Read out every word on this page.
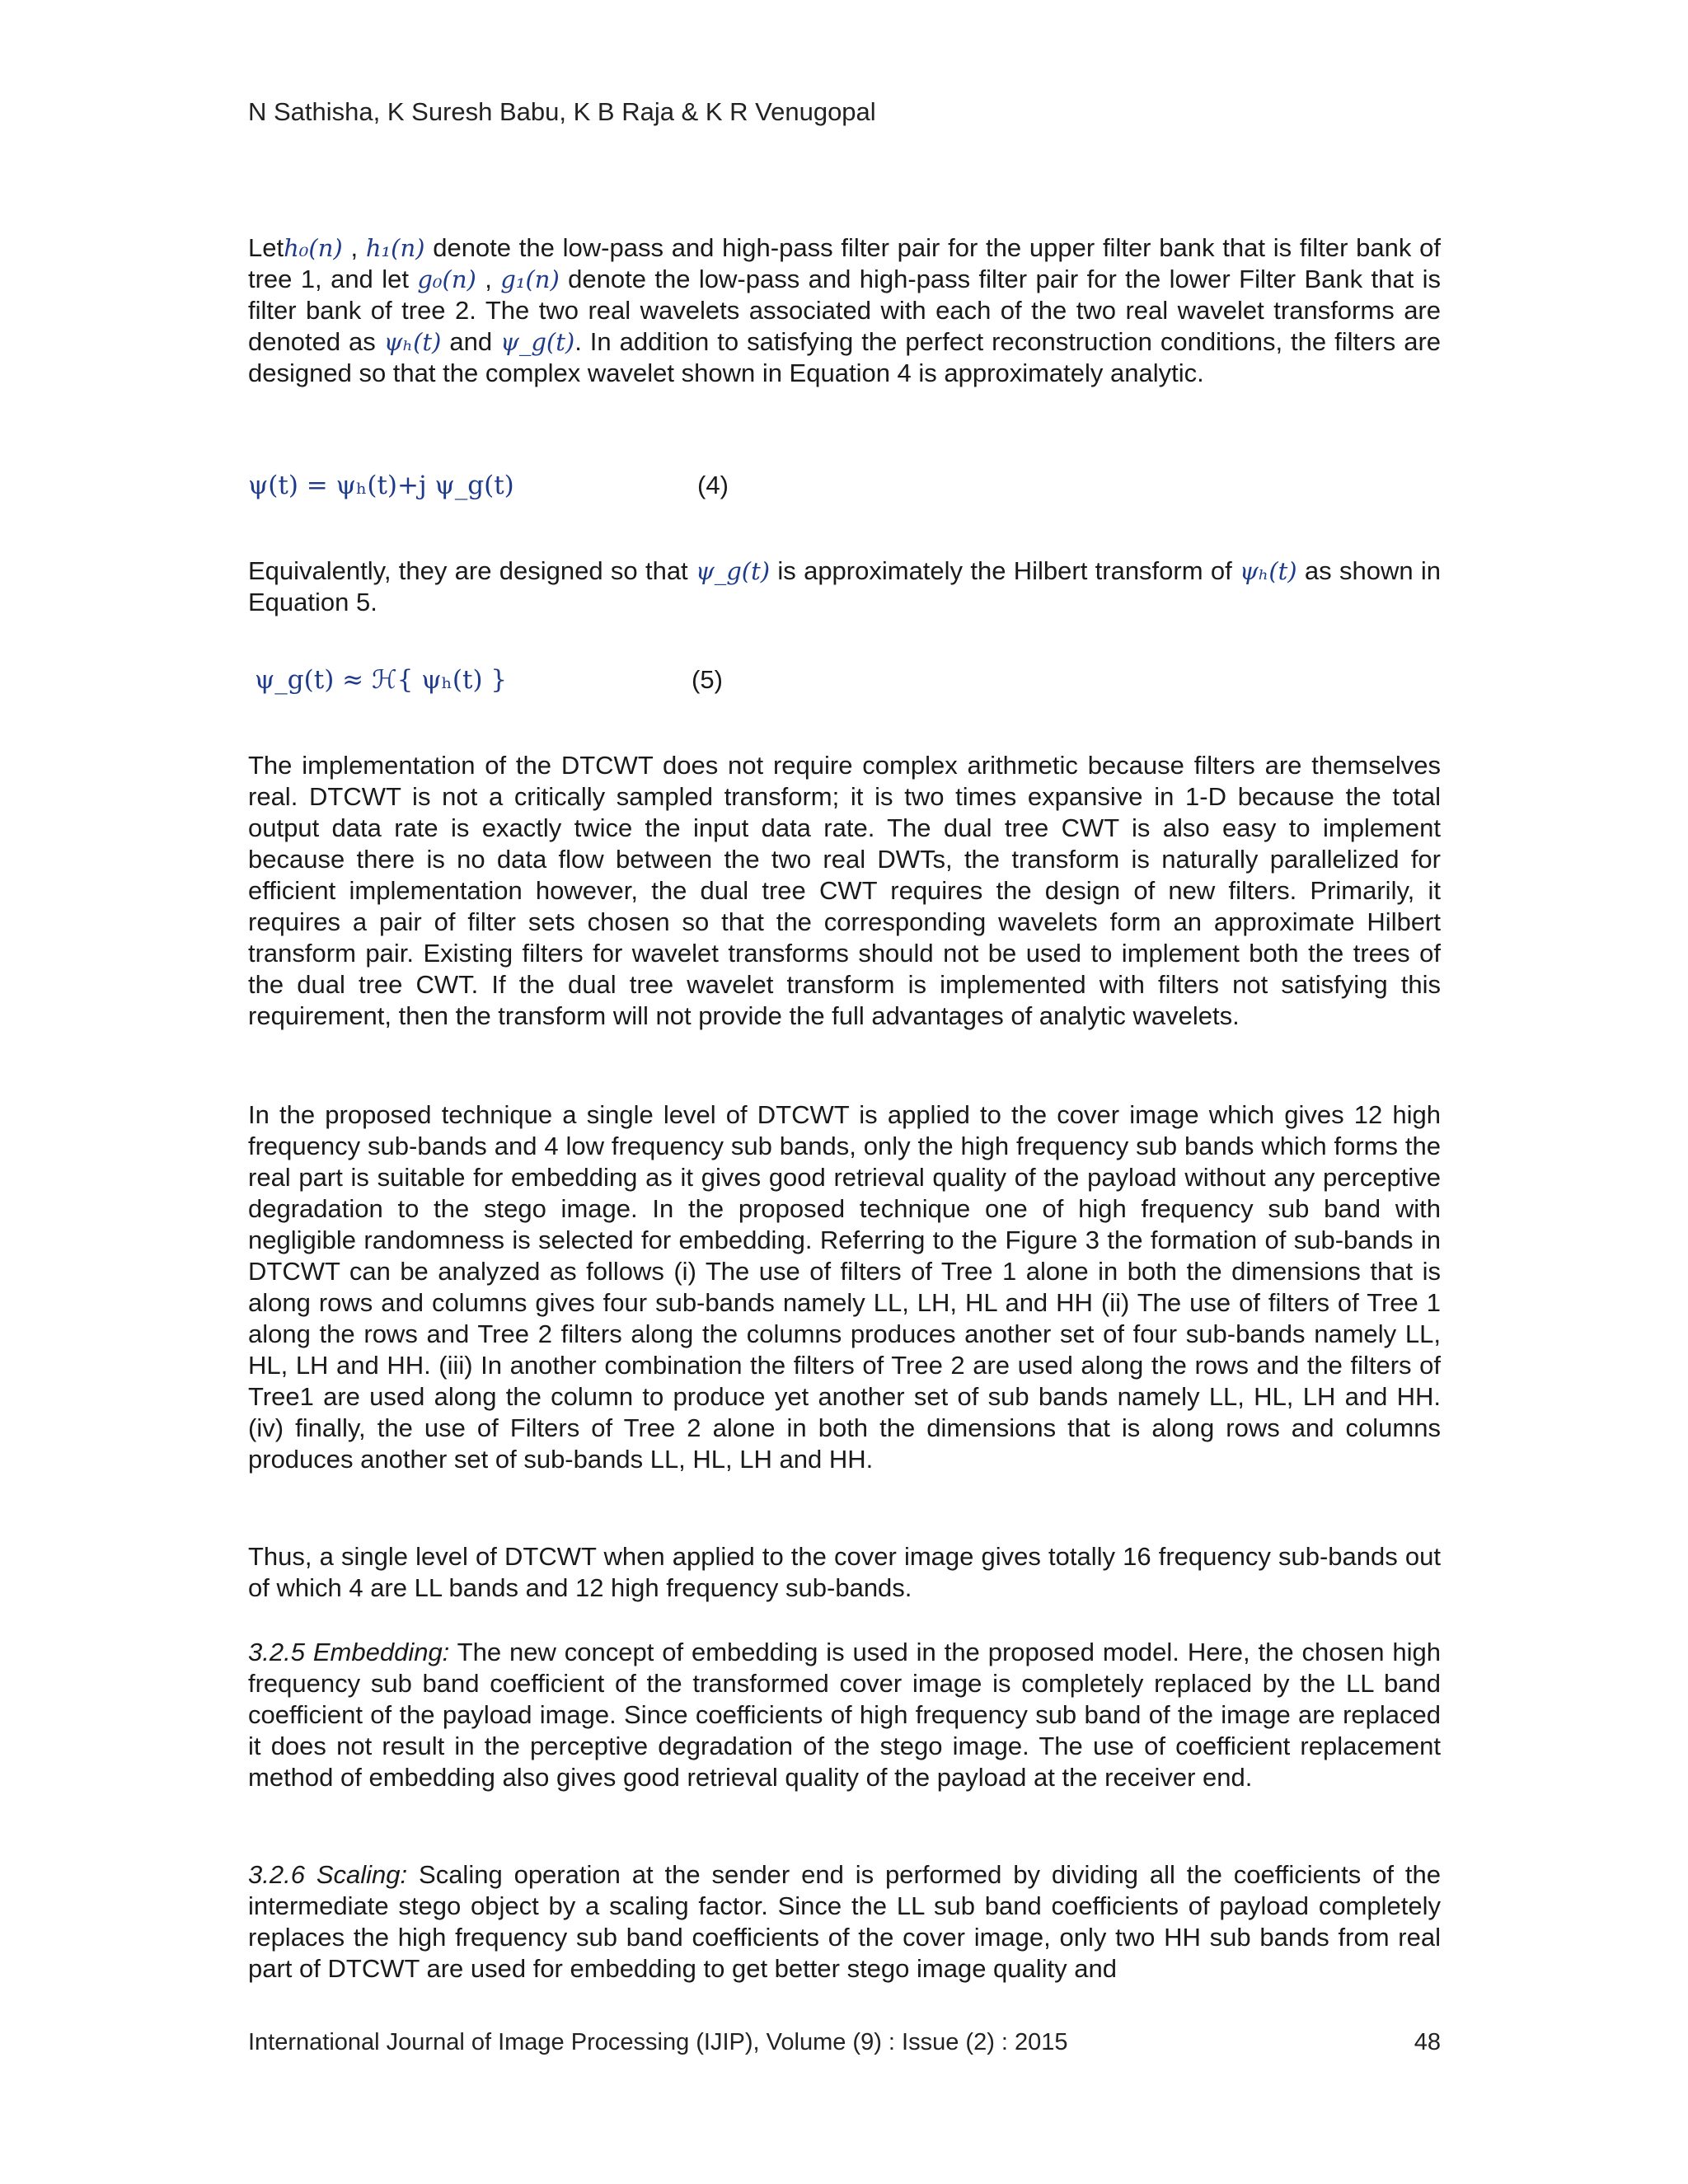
N Sathisha, K Suresh Babu, K B Raja & K R Venugopal

Leth₀(n) , h₁(n) denote the low-pass and high-pass filter pair for the upper filter bank that is filter bank of tree 1, and let g₀(n) , g₁(n) denote the low-pass and high-pass filter pair for the lower Filter Bank that is filter bank of tree 2. The two real wavelets associated with each of the two real wavelet transforms are denoted as ψₕ(t) and ψ_g(t). In addition to satisfying the perfect reconstruction conditions, the filters are designed so that the complex wavelet shown in Equation 4 is approximately analytic.

ψ(t) = ψₕ(t)+j ψ_g(t)	(4)

Equivalently, they are designed so that ψ_g(t) is approximately the Hilbert transform of ψₕ(t) as shown in Equation 5.

ψ_g(t) ≈ ℋ{ ψₕ(t) }	(5)

The implementation of the DTCWT does not require complex arithmetic because filters are themselves real. DTCWT is not a critically sampled transform; it is two times expansive in 1-D because the total output data rate is exactly twice the input data rate. The dual tree CWT is also easy to implement because there is no data flow between the two real DWTs, the transform is naturally parallelized for efficient implementation however, the dual tree CWT requires the design of new filters. Primarily, it requires a pair of filter sets chosen so that the corresponding wavelets form an approximate Hilbert transform pair. Existing filters for wavelet transforms should not be used to implement both the trees of the dual tree CWT. If the dual tree wavelet transform is implemented with filters not satisfying this requirement, then the transform will not provide the full advantages of analytic wavelets.

In the proposed technique a single level of DTCWT is applied to the cover image which gives 12 high frequency sub-bands and 4 low frequency sub bands, only the high frequency sub bands which forms the real part is suitable for embedding as it gives good retrieval quality of the payload without any perceptive degradation to the stego image. In the proposed technique one of high frequency sub band with negligible randomness is selected for embedding. Referring to the Figure 3 the formation of sub-bands in DTCWT can be analyzed as follows (i) The use of filters of Tree 1 alone in both the dimensions that is along rows and columns gives four sub-bands namely LL, LH, HL and HH (ii) The use of filters of Tree 1 along the rows and Tree 2 filters along the columns produces another set of four sub-bands namely LL, HL, LH and HH. (iii) In another combination the filters of Tree 2 are used along the rows and the filters of Tree1 are used along the column to produce yet another set of sub bands namely LL, HL, LH and HH. (iv) finally, the use of Filters of Tree 2 alone in both the dimensions that is along rows and columns produces another set of sub-bands LL, HL, LH and HH.

Thus, a single level of DTCWT when applied to the cover image gives totally 16 frequency sub-bands out of which 4 are LL bands and 12 high frequency sub-bands.

3.2.5 Embedding: The new concept of embedding is used in the proposed model. Here, the chosen high frequency sub band coefficient of the transformed cover image is completely replaced by the LL band coefficient of the payload image. Since coefficients of high frequency sub band of the image are replaced it does not result in the perceptive degradation of the stego image. The use of coefficient replacement method of embedding also gives good retrieval quality of the payload at the receiver end.

3.2.6 Scaling: Scaling operation at the sender end is performed by dividing all the coefficients of the intermediate stego object by a scaling factor. Since the LL sub band coefficients of payload completely replaces the high frequency sub band coefficients of the cover image, only two HH sub bands from real part of DTCWT are used for embedding to get better stego image quality and

International Journal of Image Processing (IJIP), Volume (9) : Issue (2) : 2015	48
